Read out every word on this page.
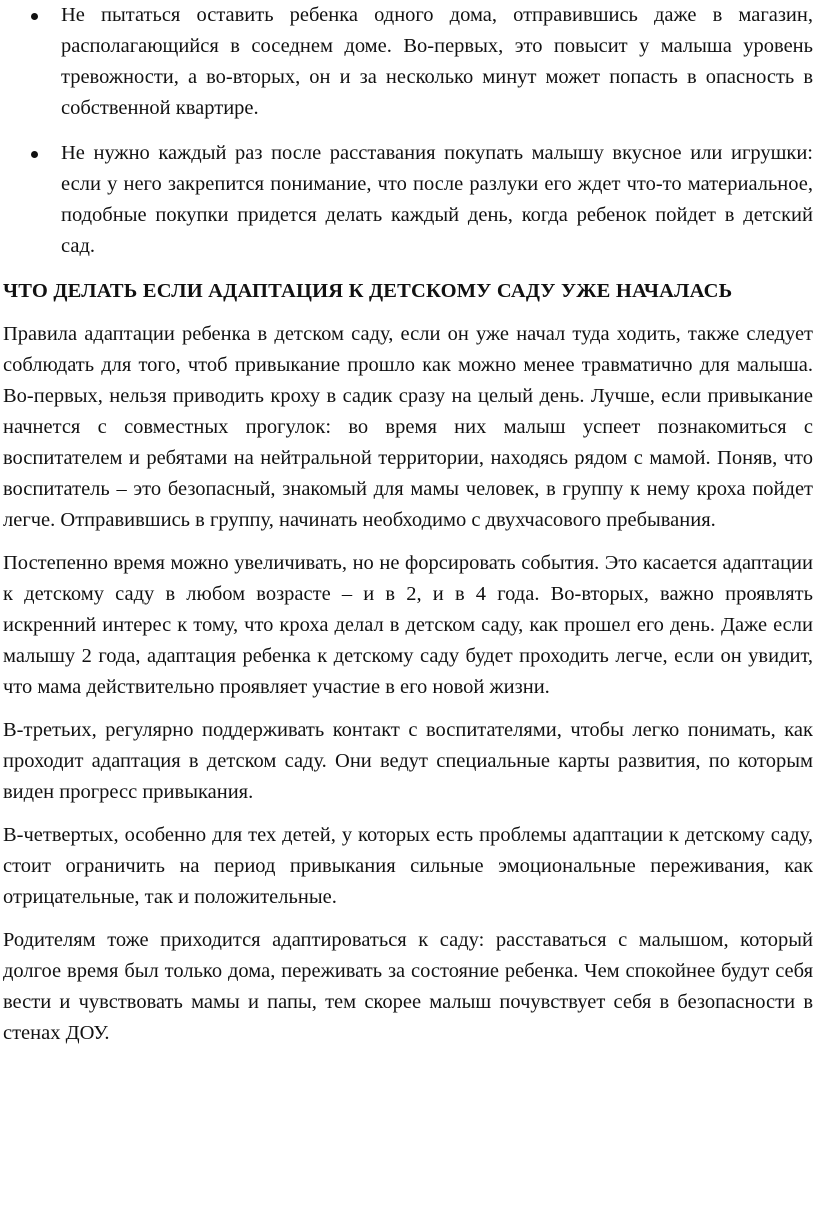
Не пытаться оставить ребенка одного дома, отправившись даже в магазин, располагающийся в соседнем доме. Во-первых, это повысит у малыша уровень тревожности, а во-вторых, он и за несколько минут может попасть в опасность в собственной квартире.
Не нужно каждый раз после расставания покупать малышу вкусное или игрушки: если у него закрепится понимание, что после разлуки его ждет что-то материальное, подобные покупки придется делать каждый день, когда ребенок пойдет в детский сад.

ЧТО ДЕЛАТЬ ЕСЛИ АДАПТАЦИЯ К ДЕТСКОМУ САДУ УЖЕ НАЧАЛАСЬ

Правила адаптации ребенка в детском саду, если он уже начал туда ходить, также следует соблюдать для того, чтоб привыкание прошло как можно менее травматично для малыша. Во-первых, нельзя приводить кроху в садик сразу на целый день. Лучше, если привыкание начнется с совместных прогулок: во время них малыш успеет познакомиться с воспитателем и ребятами на нейтральной территории, находясь рядом с мамой. Поняв, что воспитатель – это безопасный, знакомый для мамы человек, в группу к нему кроха пойдет легче. Отправившись в группу, начинать необходимо с двухчасового пребывания.

Постепенно время можно увеличивать, но не форсировать события. Это касается адаптации к детскому саду в любом возрасте – и в 2, и в 4 года. Во-вторых, важно проявлять искренний интерес к тому, что кроха делал в детском саду, как прошел его день. Даже если малышу 2 года, адаптация ребенка к детскому саду будет проходить легче, если он увидит, что мама действительно проявляет участие в его новой жизни.

В-третьих, регулярно поддерживать контакт с воспитателями, чтобы легко понимать, как проходит адаптация в детском саду. Они ведут специальные карты развития, по которым виден прогресс привыкания.

В-четвертых, особенно для тех детей, у которых есть проблемы адаптации к детскому саду, стоит ограничить на период привыкания сильные эмоциональные переживания, как отрицательные, так и положительные.

Родителям тоже приходится адаптироваться к саду: расставаться с малышом, который долгое время был только дома, переживать за состояние ребенка. Чем спокойнее будут себя вести и чувствовать мамы и папы, тем скорее малыш почувствует себя в безопасности в стенах ДОУ.
